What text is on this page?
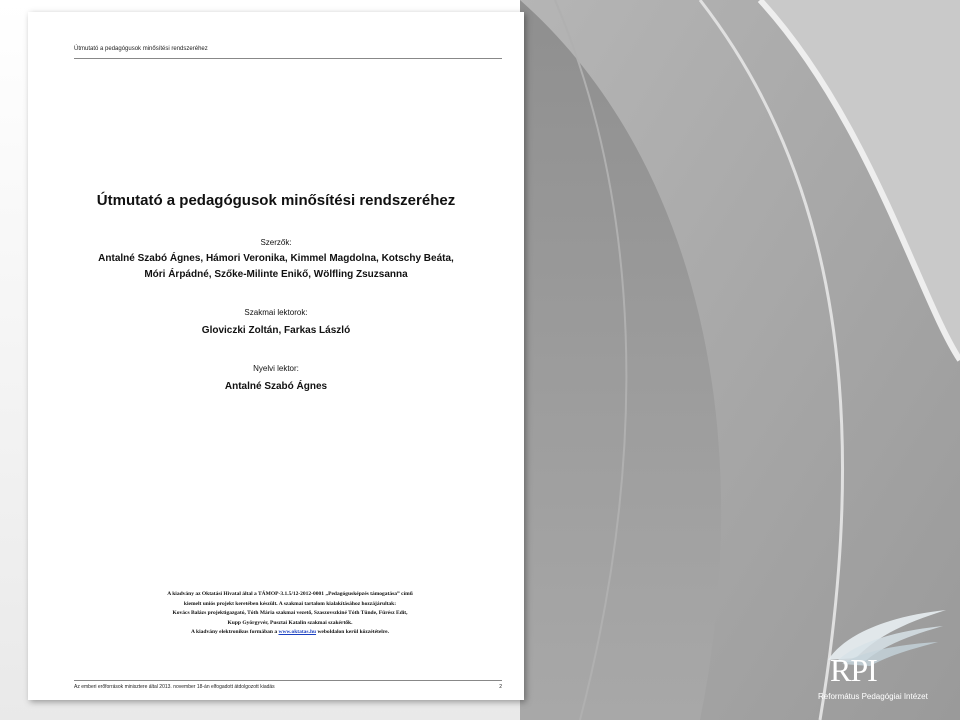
Útmutató a pedagógusok minősítési rendszeréhez
Útmutató a pedagógusok minősítési rendszeréhez
Szerzők:
Antalné Szabó Ágnes, Hámori Veronika, Kimmel Magdolna, Kotschy Beáta,
Móri Árpádné, Szőke-Milinte Enikő, Wölfling Zsuzsanna
Szakmai lektorok:
Gloviczki Zoltán, Farkas László
Nyelvi lektor:
Antalné Szabó Ágnes
A kiadvány az Oktatási Hivatal által a TÁMOP-3.1.5/12-2012-0001 „Pedagógusképzés támogatása” című
kiemelt uniós projekt keretében készült. A szakmai tartalom kialakításához hozzájárultak:
Kovács Balázs projektigazgató, Tóth Mária szakmai vezető, Szaszovszkiné Tóth Tünde, Fürész Edit,
Kupp Györgyvér, Pusztai Katalin szakmai szakértők.
A kiadvány elektronikus formában a www.oktatas.hu weboldalon kerül közzétételre.
Az emberi erőforrások minisztere által 2013. november 18-án elfogadott átdolgozott kiadás	2	RPI
Református Pedagógiai Intézet
